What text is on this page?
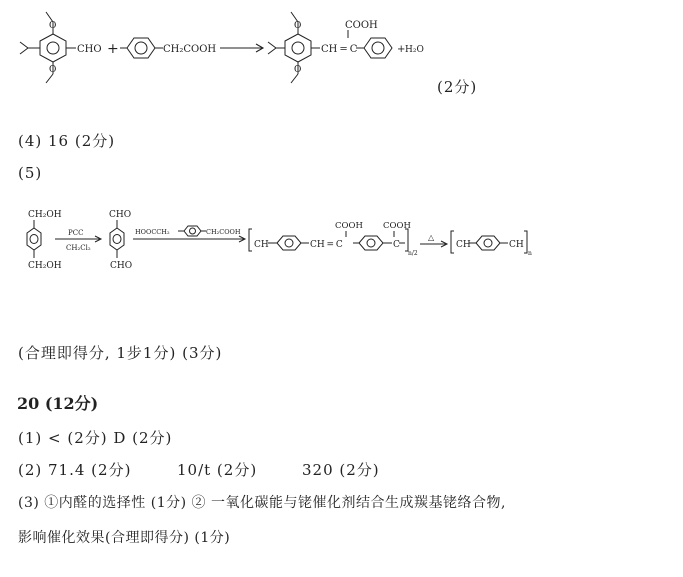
O
O
CHO +	CH₂COOH
O
O
CH = C
COOH
+ H₂O
(2分)
(4) 16 (2分)
(5)
CH₂OH
CH₂OH
PCC
CH₂Cl₂
CHO
CHO
HOOCCH₂	CH₂COOH
CH	CH = C
COOH COOH
C
n/2
△
CH	CH
n
(合理即得分, 1步1分) (3分)
20 (12分)
(1) < (2分) D (2分)
(2) 71.4 (2分)	10/t (2分)	320 (2分)
(3) ①内醛的选择性 (1分) ② 一氧化碳能与铑催化剂结合生成羰基铑络合物,
影响催化效果(合理即得分) (1分)
